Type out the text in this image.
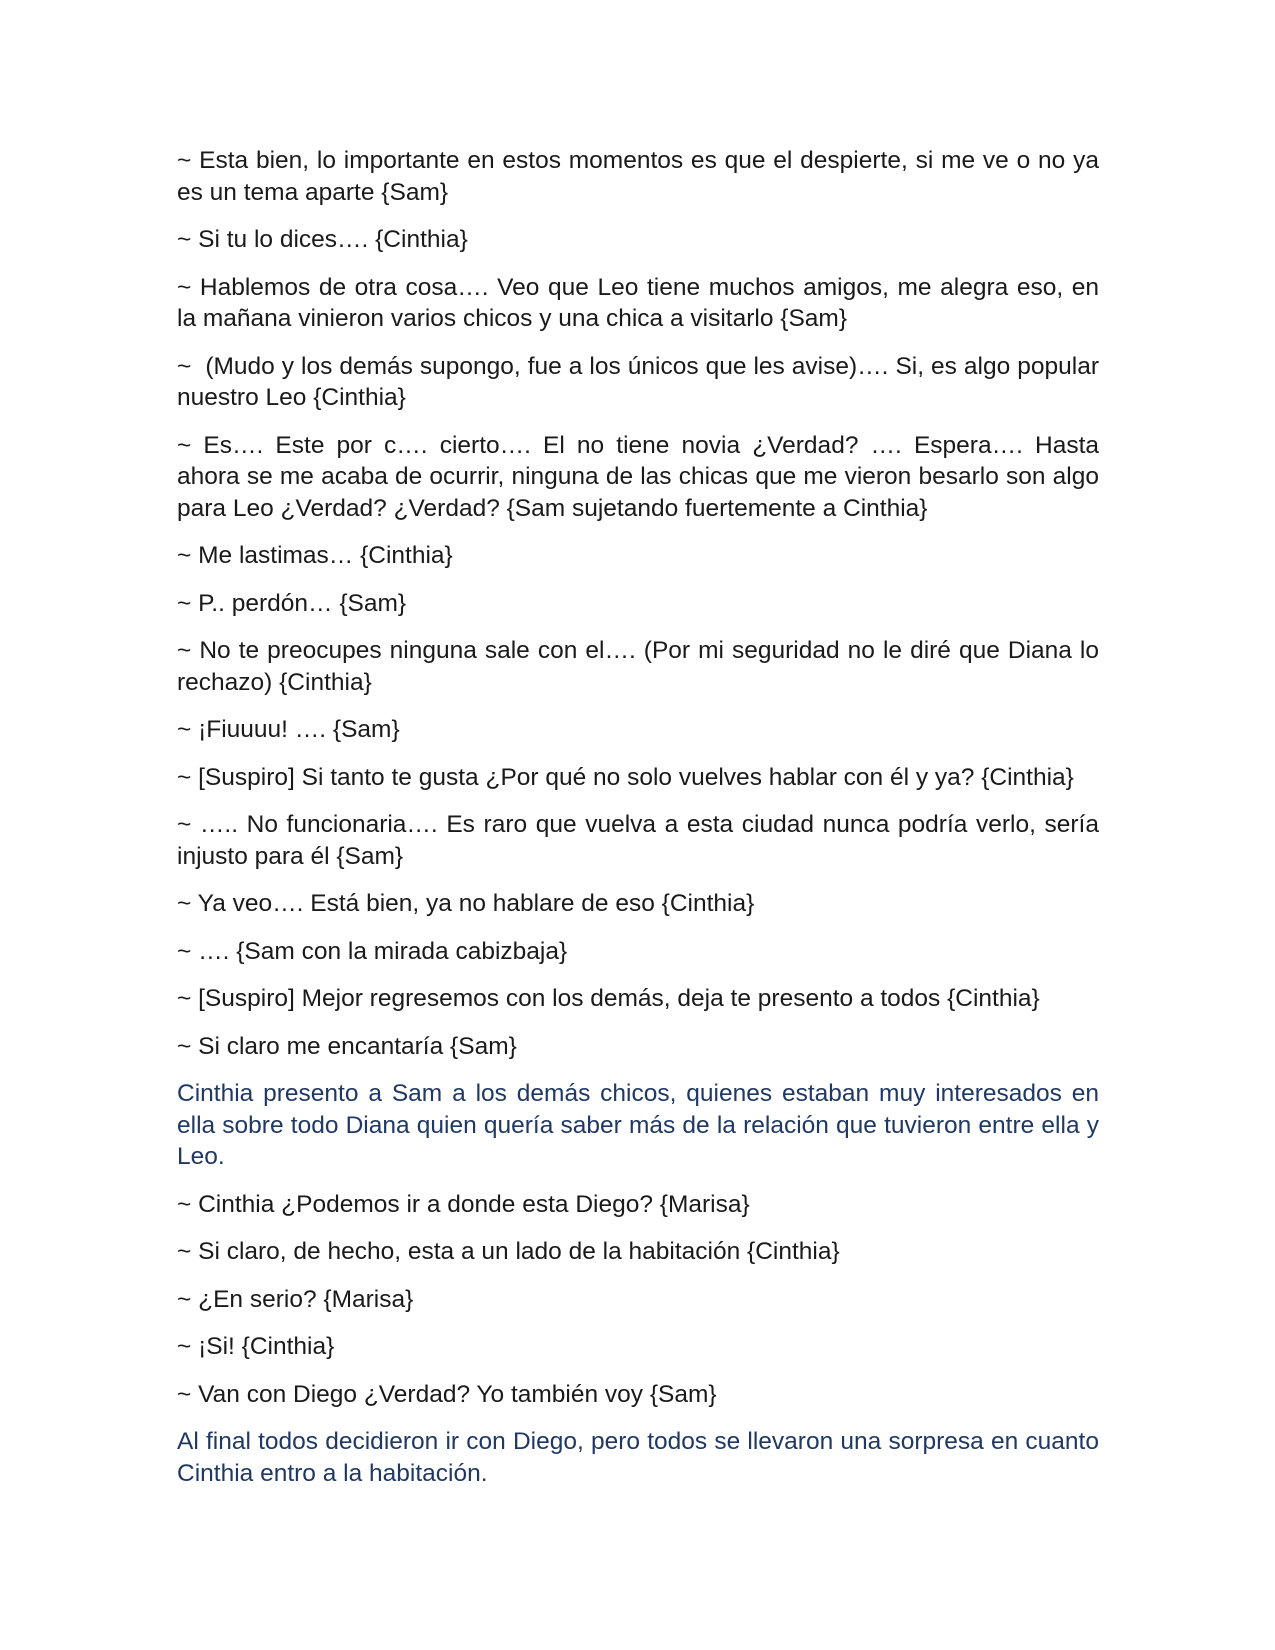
~ Esta bien, lo importante en estos momentos es que el despierte, si me ve o no ya es un tema aparte {Sam}

~ Si tu lo dices…. {Cinthia}

~ Hablemos de otra cosa…. Veo que Leo tiene muchos amigos, me alegra eso, en la mañana vinieron varios chicos y una chica a visitarlo {Sam}

~  (Mudo y los demás supongo, fue a los únicos que les avise)…. Si, es algo popular nuestro Leo {Cinthia}

~ Es…. Este por c…. cierto…. El no tiene novia ¿Verdad? …. Espera…. Hasta ahora se me acaba de ocurrir, ninguna de las chicas que me vieron besarlo son algo para Leo ¿Verdad? ¿Verdad? {Sam sujetando fuertemente a Cinthia}

~ Me lastimas… {Cinthia}

~ P.. perdón… {Sam}

~ No te preocupes ninguna sale con el…. (Por mi seguridad no le diré que Diana lo rechazo) {Cinthia}

~ ¡Fiuuuu! …. {Sam}

~ [Suspiro] Si tanto te gusta ¿Por qué no solo vuelves hablar con él y ya? {Cinthia}

~ ….. No funcionaria…. Es raro que vuelva a esta ciudad nunca podría verlo, sería injusto para él {Sam}

~ Ya veo…. Está bien, ya no hablare de eso {Cinthia}

~ …. {Sam con la mirada cabizbaja}

~ [Suspiro] Mejor regresemos con los demás, deja te presento a todos {Cinthia}

~ Si claro me encantaría {Sam}

Cinthia presento a Sam a los demás chicos, quienes estaban muy interesados en ella sobre todo Diana quien quería saber más de la relación que tuvieron entre ella y Leo.

~ Cinthia ¿Podemos ir a donde esta Diego? {Marisa}

~ Si claro, de hecho, esta a un lado de la habitación {Cinthia}

~ ¿En serio? {Marisa}

~ ¡Si! {Cinthia}

~ Van con Diego ¿Verdad? Yo también voy {Sam}

Al final todos decidieron ir con Diego, pero todos se llevaron una sorpresa en cuanto Cinthia entro a la habitación.
